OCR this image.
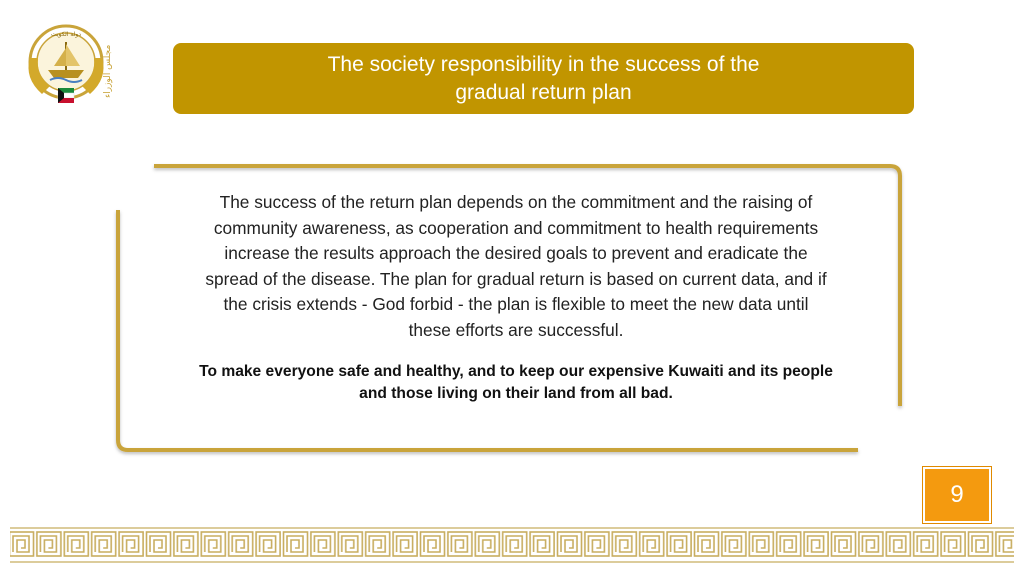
دولة الكويت
مجلس الوزراء	The society responsibility in the success of the
gradual return plan

The success of the return plan depends on the commitment and the raising of
community awareness, as cooperation and commitment to health requirements
increase the results approach the desired goals to prevent and eradicate the
spread of the disease. The plan for gradual return is based on current data, and if
the crisis extends - God forbid - the plan is flexible to meet the new data until
these efforts are successful.

To make everyone safe and healthy, and to keep our expensive Kuwaiti and its people
and those living on their land from all bad.

9
